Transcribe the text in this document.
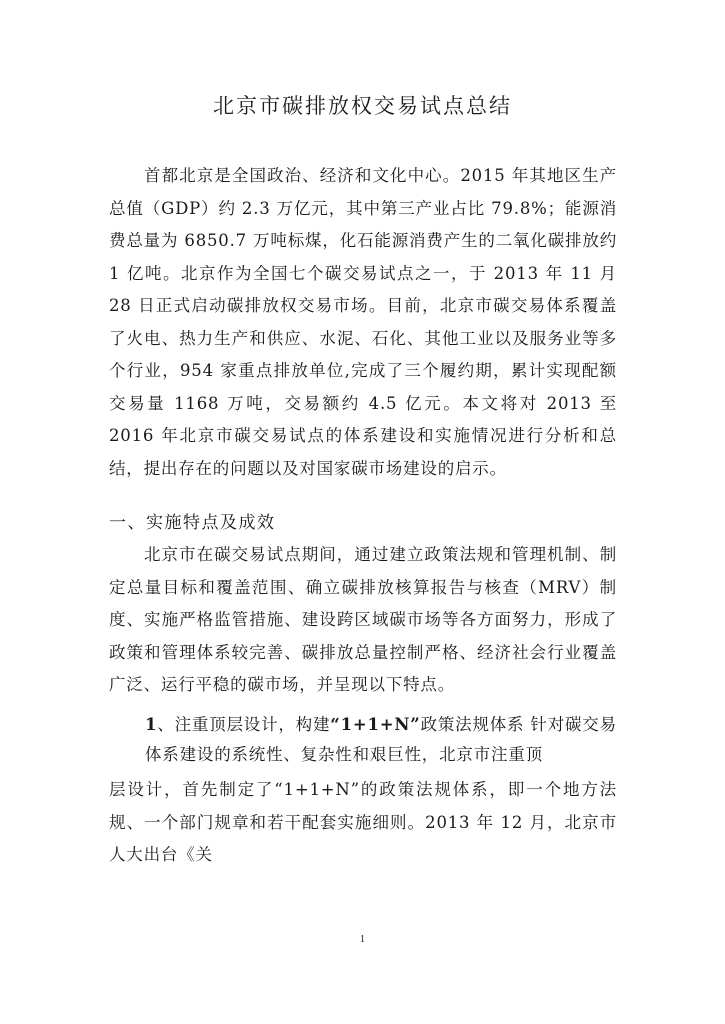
北京市碳排放权交易试点总结

首都北京是全国政治、经济和文化中心。2015 年其地区生产总值（GDP）约 2.3 万亿元，其中第三产业占比 79.8%；能源消费总量为 6850.7 万吨标煤，化石能源消费产生的二氧化碳排放约 1 亿吨。北京作为全国七个碳交易试点之一，于 2013 年 11 月 28 日正式启动碳排放权交易市场。目前，北京市碳交易体系覆盖了火电、热力生产和供应、水泥、石化、其他工业以及服务业等多个行业，954 家重点排放单位,完成了三个履约期，累计实现配额交易量 1168 万吨，交易额约 4.5 亿元。本文将对 2013 至 2016 年北京市碳交易试点的体系建设和实施情况进行分析和总结，提出存在的问题以及对国家碳市场建设的启示。

一、实施特点及成效

北京市在碳交易试点期间，通过建立政策法规和管理机制、制定总量目标和覆盖范围、确立碳排放核算报告与核查（MRV）制度、实施严格监管措施、建设跨区域碳市场等各方面努力，形成了政策和管理体系较完善、碳排放总量控制严格、经济社会行业覆盖广泛、运行平稳的碳市场，并呈现以下特点。

1、注重顶层设计，构建“1+1+N”政策法规体系 针对碳交易体系建设的系统性、复杂性和艰巨性，北京市注重顶

层设计，首先制定了“1+1+N”的政策法规体系，即一个地方法规、一个部门规章和若干配套实施细则。2013 年 12 月，北京市人大出台《关

1
